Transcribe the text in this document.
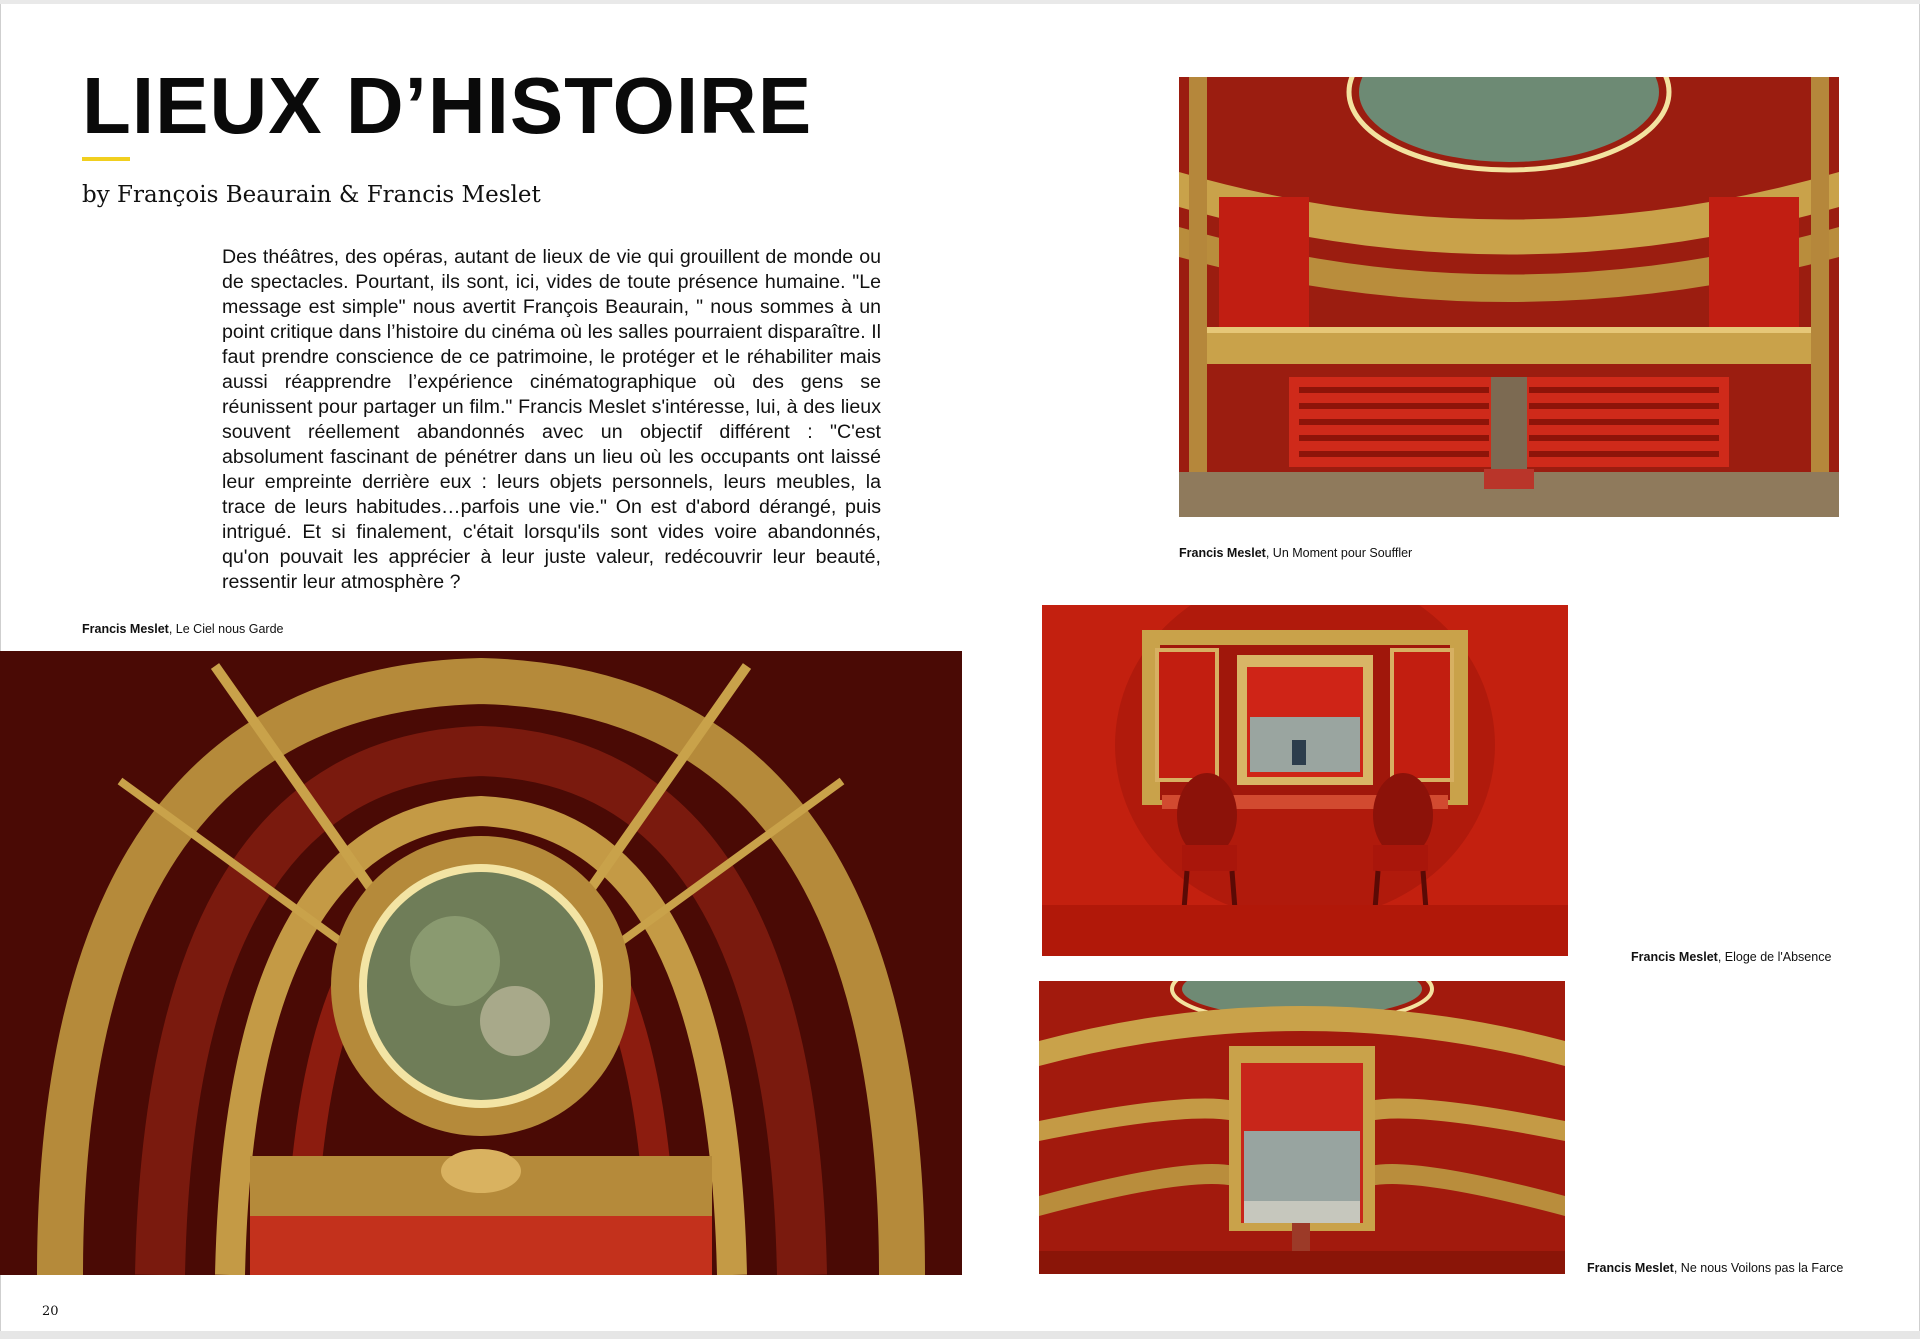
LIEUX D’HISTOIRE
by François Beaurain & Francis Meslet

Des théâtres, des opéras, autant de lieux de vie qui grouillent de monde ou de spectacles. Pourtant, ils sont, ici, vides de toute présence humaine. "Le message est simple" nous avertit François Beaurain, " nous sommes à un point critique dans l’histoire du cinéma où les salles pourraient disparaître. Il faut prendre conscience de ce patrimoine, le protéger et le réhabiliter mais aussi réapprendre l’expérience cinématographique où des gens se réunissent pour partager un film." Francis Meslet s'intéresse, lui, à des lieux souvent réellement abandonnés avec un objectif différent : "C'est absolument fascinant de pénétrer dans un lieu où les occupants ont laissé leur empreinte derrière eux : leurs objets personnels, leurs meubles, la trace de leurs habitudes…parfois une vie." On est d'abord dérangé, puis intrigué. Et si finalement, c'était lorsqu'ils sont vides voire abandonnés, qu'on pouvait les apprécier à leur juste valeur, redécouvrir leur beauté, ressentir leur atmosphère ?

Francis Meslet, Un Moment pour Souffler
Francis Meslet, Le Ciel nous Garde
Francis Meslet, Eloge de l'Absence
Francis Meslet, Ne nous Voilons pas la Farce
20
